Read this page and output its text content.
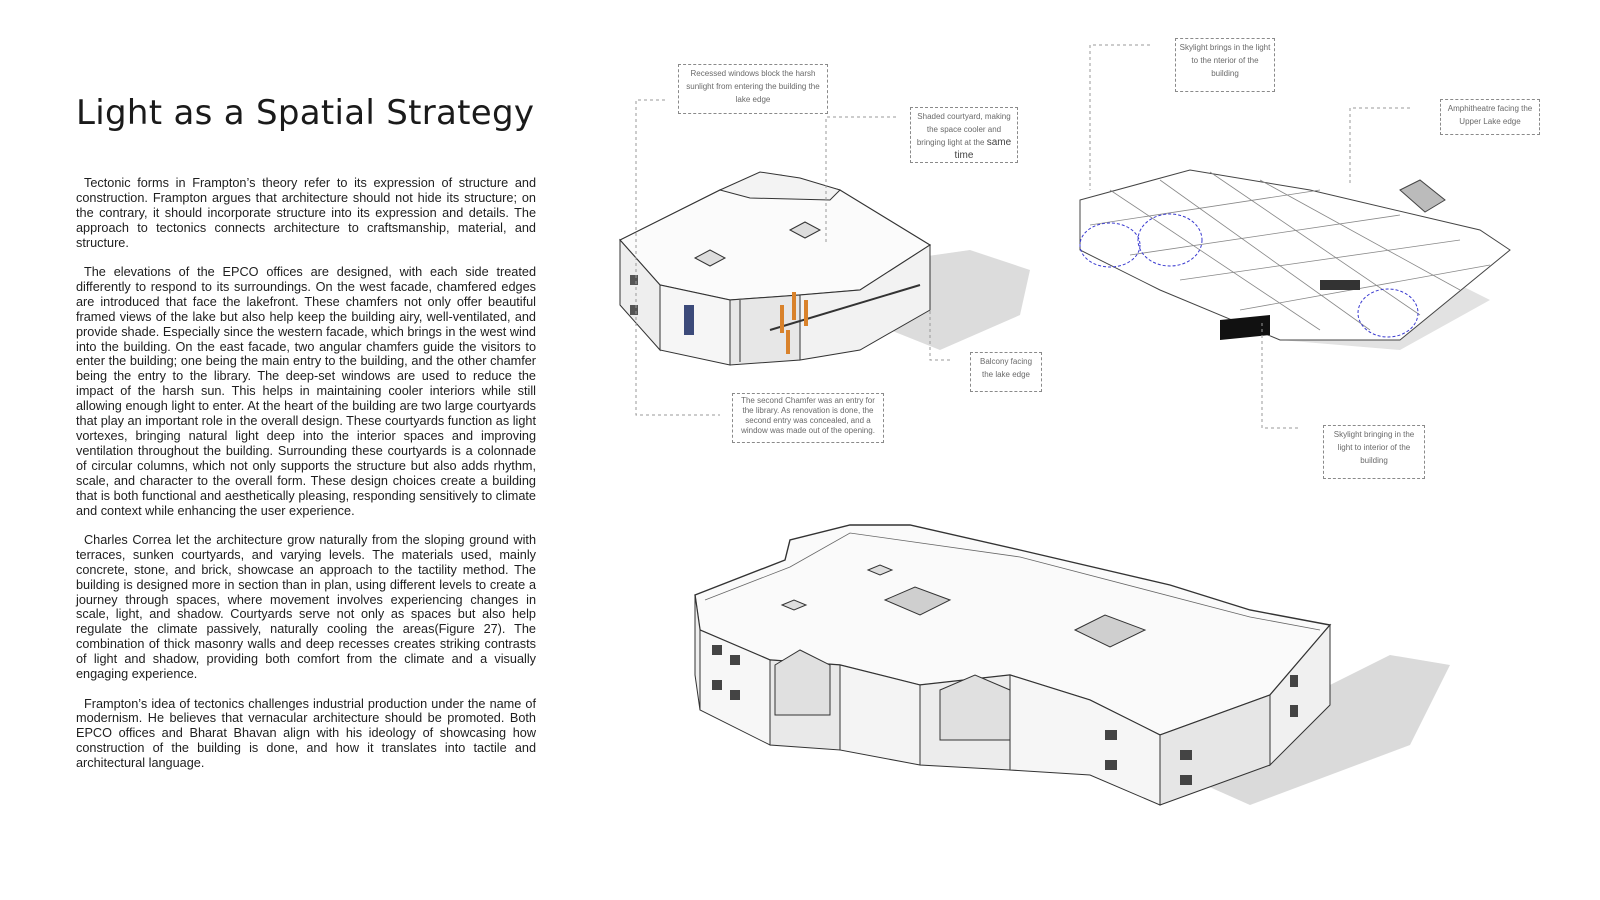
Light as a Spatial Strategy

Tectonic forms in Frampton’s theory refer to its expression of structure and construction. Frampton argues that architecture should not hide its structure; on the contrary, it should incorporate structure into its expression and details. The approach to tectonics connects architecture to craftsmanship, material, and structure.

The elevations of the EPCO offices are designed, with each side treated differently to respond to its surroundings. On the west facade, chamfered edges are introduced that face the lakefront. These chamfers not only offer beautiful framed views of the lake but also help keep the building airy, well-ventilated, and provide shade. Especially since the western facade, which brings in the west wind into the building. On the east facade, two angular chamfers guide the visitors to enter the building; one being the main entry to the building, and the other chamfer being the entry to the library. The deep-set windows are used to reduce the impact of the harsh sun. This helps in maintaining cooler interiors while still allowing enough light to enter. At the heart of the building are two large courtyards that play an important role in the overall design. These courtyards function as light vortexes, bringing natural light deep into the interior spaces and improving ventilation throughout the building. Surrounding these courtyards is a colonnade of circular columns, which not only supports the structure but also adds rhythm, scale, and character to the overall form. These design choices create a building that is both functional and aesthetically pleasing, responding sensitively to climate and context while enhancing the user experience.

Charles Correa let the architecture grow naturally from the sloping ground with terraces, sunken courtyards, and varying levels. The materials used, mainly concrete, stone, and brick, showcase an approach to the tactility method. The building is designed more in section than in plan, using different levels to create a journey through spaces, where movement involves experiencing changes in scale, light, and shadow. Courtyards serve not only as spaces but also help regulate the climate passively, naturally cooling the areas(Figure 27). The combination of thick masonry walls and deep recesses creates striking contrasts of light and shadow, providing both comfort from the climate and a visually engaging experience.

Frampton’s idea of tectonics challenges industrial production under the name of modernism. He believes that vernacular architecture should be promoted. Both EPCO offices and Bharat Bhavan align with his ideology of showcasing how construction of the building is done, and how it translates into tactile and architectural language.

Recessed windows block the harsh sunlight from entering the building the lake edge
Shaded courtyard, making the space cooler and bringing light at the same time
Balcony facing the lake edge
The second Chamfer was an entry for the library. As renovation is done, the second entry was concealed, and a window was made out of the opening.
Skylight brings in the light to the nterior of the building
Amphitheatre facing the Upper Lake edge
Skylight bringing in the light to interior of the building
